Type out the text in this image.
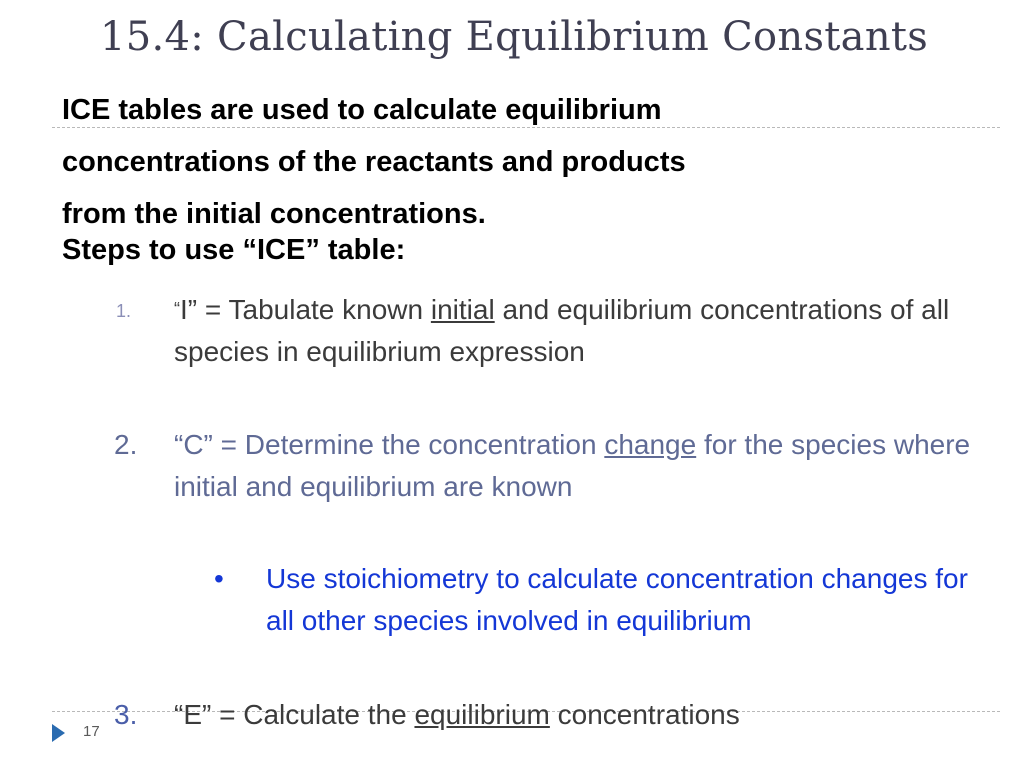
15.4: Calculating Equilibrium Constants
ICE tables are used to calculate equilibrium
concentrations of the reactants and products
from the initial concentrations.
Steps to use “ICE” table:
1. “I” = Tabulate known initial and equilibrium concentrations of all species in equilibrium expression
2. “C” = Determine the concentration change for the species where initial and equilibrium are known
• Use stoichiometry to calculate concentration changes for all other species involved in equilibrium
3. “E” = Calculate the equilibrium concentrations
17
